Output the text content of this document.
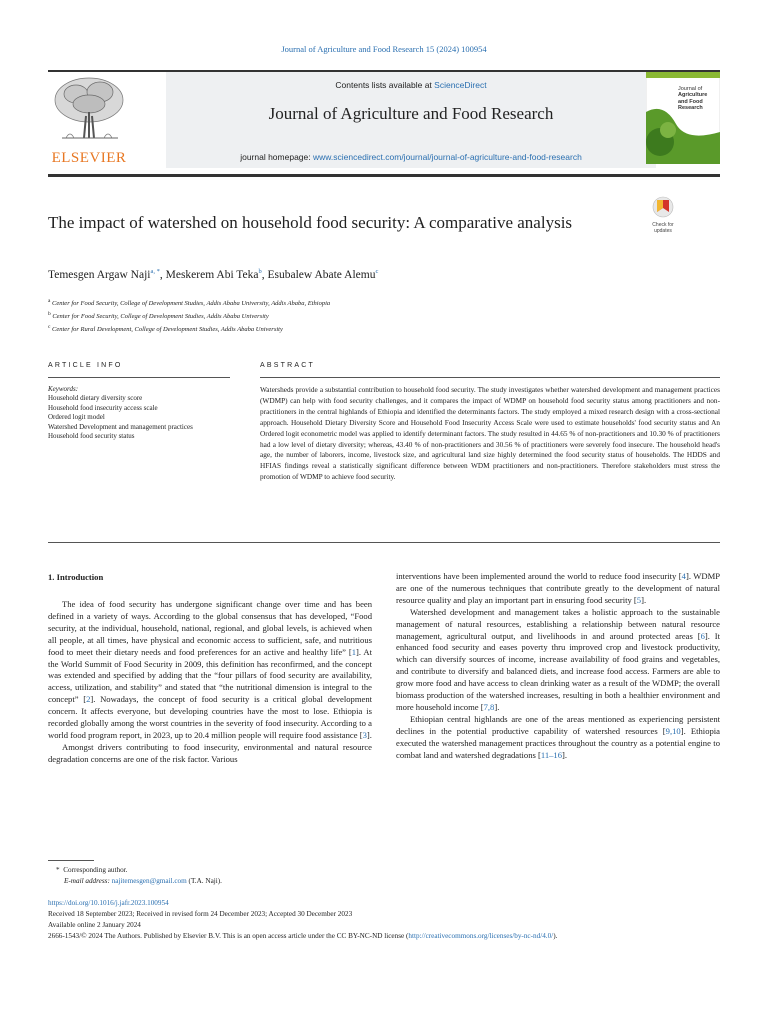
Journal of Agriculture and Food Research 15 (2024) 100954
ELSEVIER
Contents lists available at ScienceDirect
Journal of Agriculture and Food Research
journal homepage: www.sciencedirect.com/journal/journal-of-agriculture-and-food-research
Journal of
Agriculture
and Food
Research
The impact of watershed on household food security: A comparative analysis	Check for
updates
Temesgen Argaw Naji$^{a, *}$, Meskerem Abi Teka$^b$, Esubalew Abate Alemu$^c$
$^a$ Center for Food Security, College of Development Studies, Addis Ababa University, Addis Ababa, Ethiopia
$^b$ Center for Food Security, College of Development Studies, Addis Ababa University
$^c$ Center for Rural Development, College of Development Studies, Addis Ababa University
ARTICLE INFO	ABSTRACT
Keywords:
Household dietary diversity score
Household food insecurity access scale
Ordered logit model
Watershed Development and management practices
Household food security status
Watersheds provide a substantial contribution to household food security. The study investigates whether watershed development and management practices (WDMP) can help with food security challenges, and it compares the impact of WDMP on household food security status among practitioners and non-practitioners in the central highlands of Ethiopia and identified the determinants factors. The study employed a mixed research design with a cross-sectional approach. Household Dietary Diversity Score and Household Food Insecurity Access Scale were used to estimate households' food security status and An Ordered logit econometric model was applied to identify determinant factors. The study resulted in 44.65 % of non-practitioners and 10.30 % of practitioners had a low level of dietary diversity; whereas, 43.40 % of non-practitioners and 30.56 % of practitioners were severely food insecure. The household head's age, the number of laborers, income, livestock size, and agricultural land size highly determined the food security status of households. The HDDS and HFIAS findings reveal a statistically significant difference between WDM practitioners and non-practitioners. Therefore stakeholders must stress the promotion of WDMP to achieve food security.
1. Introduction

The idea of food security has undergone significant change over time and has been defined in a variety of ways. According to the global consensus that has developed, “Food security, at the individual, household, national, regional, and global levels, is achieved when all people, at all times, have physical and economic access to sufficient, safe, and nutritious food to meet their dietary needs and food preferences for an active and healthy life” [1]. At the World Summit of Food Security in 2009, this definition has reconfirmed, and the concept was extended and specified by adding that the “four pillars of food security are availability, access, utilization, and stability” and stated that “the nutritional dimension is integral to the concept” [2]. Nowadays, the concept of food security is a critical global development concern. It affects everyone, but developing countries have the most to lose. Ethiopia is recorded globally among the worst countries in the severity of food insecurity. According to a world food program report, in 2023, up to 20.4 million people will require food assistance [3].

Amongst drivers contributing to food insecurity, environmental and natural resource degradation concerns are one of the risk factor. Various

interventions have been implemented around the world to reduce food insecurity [4]. WDMP are one of the numerous techniques that contribute greatly to the development of natural resource quality and play an important part in ensuring food security [5].

Watershed development and management takes a holistic approach to the sustainable management of natural resources, establishing a relationship between natural resource management, agricultural output, and livelihoods in and around protected areas [6]. It enhanced food security and eases poverty thru improved crop and livestock productivity, which can diversify sources of income, increase availability of food grains and vegetables, and contribute to diversify and balanced diets, and increase food access. Farmers are able to grow more food and have access to clean drinking water as a result of the WDMP; the overall biomass production of the watershed increases, resulting in both a healthier environment and more household income [7,8].

Ethiopian central highlands are one of the areas mentioned as experiencing persistent declines in the potential productive capability of watershed resources [9,10]. Ethiopia executed the watershed management practices throughout the country as a potential engine to combat land and watershed degradations [11–16].

* Corresponding author.
E-mail address: najitemesgen@gmail.com (T.A. Naji).
https://doi.org/10.1016/j.jafr.2023.100954
Received 18 September 2023; Received in revised form 24 December 2023; Accepted 30 December 2023
Available online 2 January 2024
2666-1543/© 2024 The Authors. Published by Elsevier B.V. This is an open access article under the CC BY-NC-ND license (http://creativecommons.org/licenses/by-nc-nd/4.0/).
